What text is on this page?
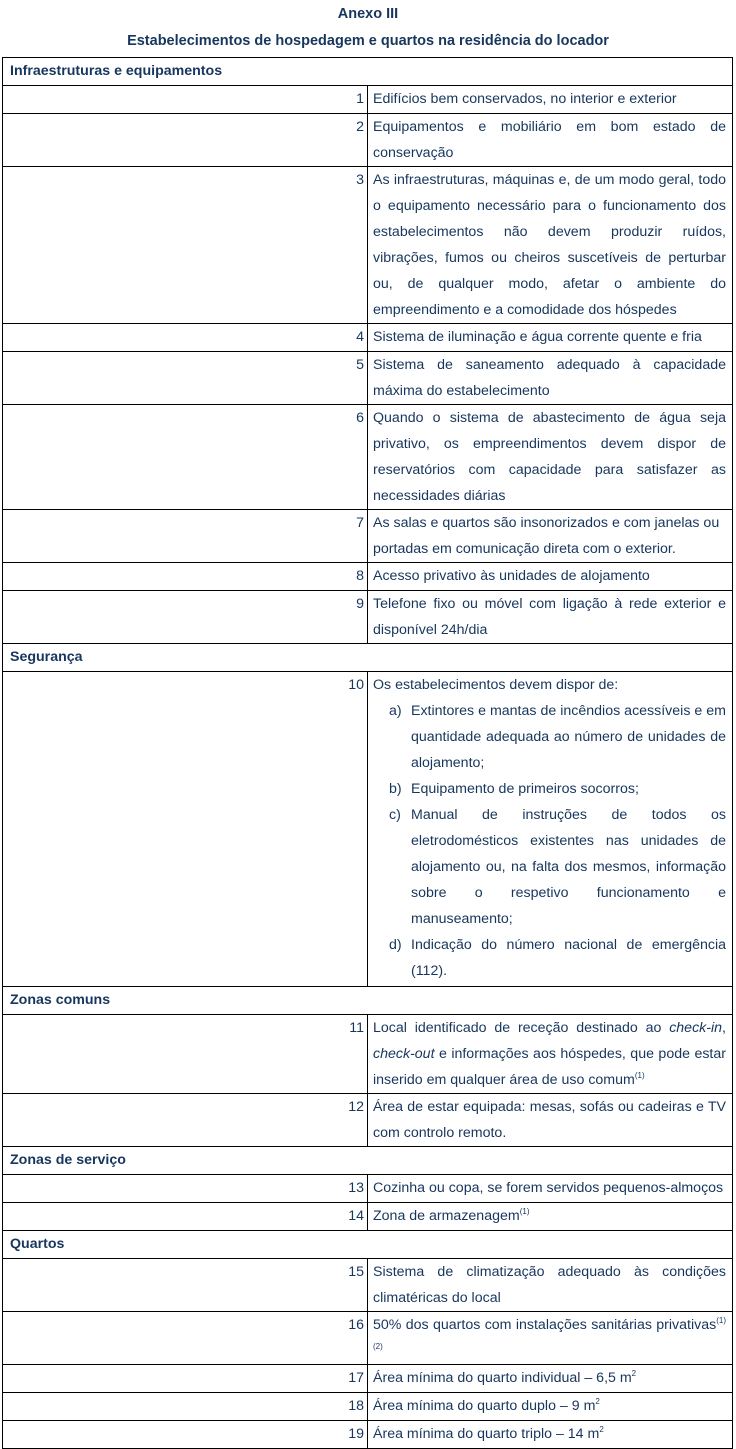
Anexo III

Estabelecimentos de hospedagem e quartos na residência do locador

Infraestruturas e equipamentos	
1	Edifícios bem conservados, no interior e exterior
2	Equipamentos e mobiliário em bom estado de conservação
3	As infraestruturas, máquinas e, de um modo geral, todo o equipamento necessário para o funcionamento dos estabelecimentos não devem produzir ruídos, vibrações, fumos ou cheiros suscetíveis de perturbar ou, de qualquer modo, afetar o ambiente do empreendimento e a comodidade dos hóspedes
4	Sistema de iluminação e água corrente quente e fria
5	Sistema de saneamento adequado à capacidade máxima do estabelecimento
6	Quando o sistema de abastecimento de água seja privativo, os empreendimentos devem dispor de reservatórios com capacidade para satisfazer as necessidades diárias
7	As salas e quartos são insonorizados e com janelas ou portadas em comunicação direta com o exterior.
8	Acesso privativo às unidades de alojamento
9	Telefone fixo ou móvel com ligação à rede exterior e disponível 24h/dia
Segurança	
10	Os estabelecimentos devem dispor de:
a) Extintores e mantas de incêndios acessíveis e em quantidade adequada ao número de unidades de alojamento;
b) Equipamento de primeiros socorros;
c) Manual de instruções de todos os eletrodomésticos existentes nas unidades de alojamento ou, na falta dos mesmos, informação sobre o respetivo funcionamento e manuseamento;
d) Indicação do número nacional de emergência (112).

Zonas comuns	
11	Local identificado de receção destinado ao check-in, check-out e informações aos hóspedes, que pode estar inserido em qualquer área de uso comum$^{(1)}$
12	Área de estar equipada: mesas, sofás ou cadeiras e TV com controlo remoto.
Zonas de serviço	
13	Cozinha ou copa, se forem servidos pequenos-almoços
14	Zona de armazenagem$^{(1)}$
Quartos	
15	Sistema de climatização adequado às condições climatéricas do local
16	50% dos quartos com instalações sanitárias privativas$^{(1)(2)}$
17	Área mínima do quarto individual – 6,5 $m^2$
18	Área mínima do quarto duplo – 9 $m^2$
19	Área mínima do quarto triplo – 14 $m^2$
